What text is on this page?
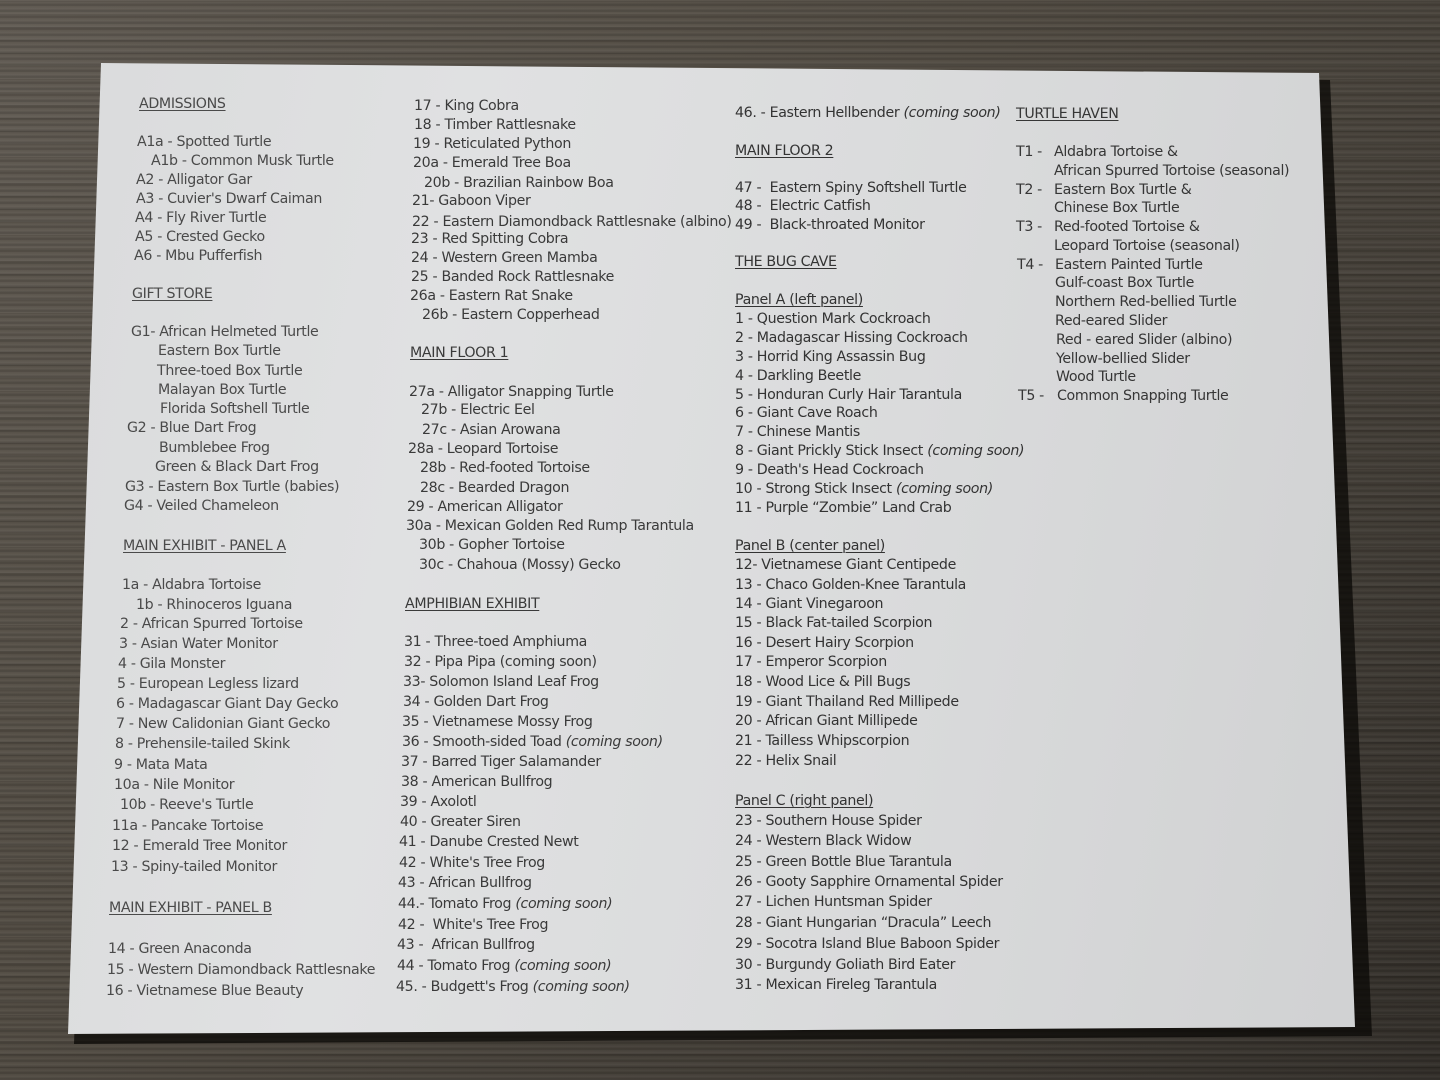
ADMISSIONS
A1a - Spotted Turtle
A1b - Common Musk Turtle
A2 - Alligator Gar
A3 - Cuvier's Dwarf Caiman
A4 - Fly River Turtle
A5 - Crested Gecko
A6 - Mbu Pufferfish
GIFT STORE
G1- African Helmeted Turtle
Eastern Box Turtle
Three-toed Box Turtle
Malayan Box Turtle
Florida Softshell Turtle
G2 - Blue Dart Frog
Bumblebee Frog
Green & Black Dart Frog
G3 - Eastern Box Turtle (babies)
G4 - Veiled Chameleon
MAIN EXHIBIT - PANEL A
1a - Aldabra Tortoise
1b - Rhinoceros Iguana
2 - African Spurred Tortoise
3 - Asian Water Monitor
4 - Gila Monster
5 - European Legless lizard
6 - Madagascar Giant Day Gecko
7 - New Calidonian Giant Gecko
8 - Prehensile-tailed Skink
9 - Mata Mata
10a - Nile Monitor
10b - Reeve's Turtle
11a - Pancake Tortoise
12 - Emerald Tree Monitor
13 - Spiny-tailed Monitor
MAIN EXHIBIT - PANEL B
14 - Green Anaconda
15 - Western Diamondback Rattlesnake
16 - Vietnamese Blue Beauty
17 - King Cobra
18 - Timber Rattlesnake
19 - Reticulated Python
20a - Emerald Tree Boa
20b - Brazilian Rainbow Boa
21- Gaboon Viper
22 - Eastern Diamondback Rattlesnake (albino)
23 - Red Spitting Cobra
24 - Western Green Mamba
25 - Banded Rock Rattlesnake
26a - Eastern Rat Snake
26b - Eastern Copperhead
MAIN FLOOR 1
27a - Alligator Snapping Turtle
27b - Electric Eel
27c - Asian Arowana
28a - Leopard Tortoise
28b - Red-footed Tortoise
28c - Bearded Dragon
29 - American Alligator
30a - Mexican Golden Red Rump Tarantula
30b - Gopher Tortoise
30c - Chahoua (Mossy) Gecko
AMPHIBIAN EXHIBIT
31 - Three-toed Amphiuma
32 - Pipa Pipa (coming soon)
33- Solomon Island Leaf Frog
34 - Golden Dart Frog
35 - Vietnamese Mossy Frog
36 - Smooth-sided Toad (coming soon)
37 - Barred Tiger Salamander
38 - American Bullfrog
39 - Axolotl
40 - Greater Siren
41 - Danube Crested Newt
42 - White's Tree Frog
43 - African Bullfrog
44.- Tomato Frog (coming soon)
42 -  White's Tree Frog
43 -  African Bullfrog
44 - Tomato Frog (coming soon)
45. - Budgett's Frog (coming soon)
46. - Eastern Hellbender (coming soon)
MAIN FLOOR 2
47 -  Eastern Spiny Softshell Turtle
48 -  Electric Catfish
49 -  Black-throated Monitor
THE BUG CAVE
Panel A (left panel)
1 - Question Mark Cockroach
2 - Madagascar Hissing Cockroach
3 - Horrid King Assassin Bug
4 - Darkling Beetle
5 - Honduran Curly Hair Tarantula
6 - Giant Cave Roach
7 - Chinese Mantis
8 - Giant Prickly Stick Insect (coming soon)
9 - Death's Head Cockroach
10 - Strong Stick Insect (coming soon)
11 - Purple “Zombie” Land Crab
Panel B (center panel)
12- Vietnamese Giant Centipede
13 - Chaco Golden-Knee Tarantula
14 - Giant Vinegaroon
15 - Black Fat-tailed Scorpion
16 - Desert Hairy Scorpion
17 - Emperor Scorpion
18 - Wood Lice & Pill Bugs
19 - Giant Thailand Red Millipede
20 - African Giant Millipede
21 - Tailless Whipscorpion
22 - Helix Snail
Panel C (right panel)
23 - Southern House Spider
24 - Western Black Widow
25 - Green Bottle Blue Tarantula
26 - Gooty Sapphire Ornamental Spider
27 - Lichen Huntsman Spider
28 - Giant Hungarian “Dracula” Leech
29 - Socotra Island Blue Baboon Spider
30 - Burgundy Goliath Bird Eater
31 - Mexican Fireleg Tarantula
TURTLE HAVEN
T1 - Aldabra Tortoise &
African Spurred Tortoise (seasonal)
T2 - Eastern Box Turtle &
Chinese Box Turtle
T3 - Red-footed Tortoise &
Leopard Tortoise (seasonal)
T4 - Eastern Painted Turtle
Gulf-coast Box Turtle
Northern Red-bellied Turtle
Red-eared Slider
Red - eared Slider (albino)
Yellow-bellied Slider
Wood Turtle
T5 - Common Snapping Turtle
